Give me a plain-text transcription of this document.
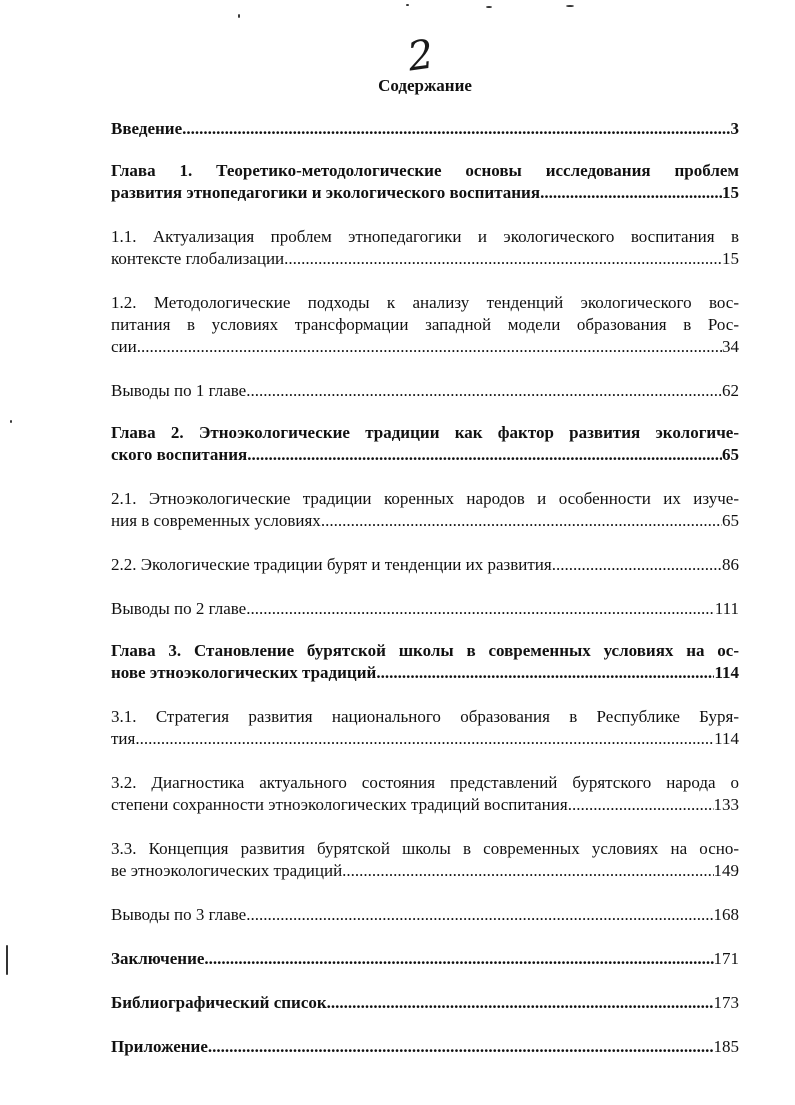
2
Содержание
Введение .....	3
Глава 1. Теоретико-методологические основы исследования проблем
развития этнопедагогики и экологического воспитания .....	15
1.1. Актуализация проблем этнопедагогики и экологического воспитания в
контексте глобализации .....	15
1.2. Методологические подходы к анализу тенденций экологического вос-
питания в условиях трансформации западной модели образования в Рос-
сии .....	34
Выводы по 1 главе .....	62
Глава 2. Этноэкологические традиции как фактор развития экологиче-
ского воспитания .....	65
2.1. Этноэкологические традиции коренных народов и особенности их изуче-
ния в современных условиях .....	65
2.2. Экологические традиции бурят и тенденции их развития .....	86
Выводы по 2 главе .....	111
Глава 3. Становление бурятской школы в современных условиях на ос-
нове этноэкологических традиций .....	114
3.1. Стратегия развития национального образования в Республике Буря-
тия .....	114
3.2. Диагностика актуального состояния представлений бурятского народа о
степени сохранности этноэкологических традиций воспитания .....	133
3.3. Концепция развития бурятской школы в современных условиях на осно-
ве этноэкологических традиций .....	149
Выводы по 3 главе .....	168
Заключение .....	171
Библиографический список .....	173
Приложение .....	185
